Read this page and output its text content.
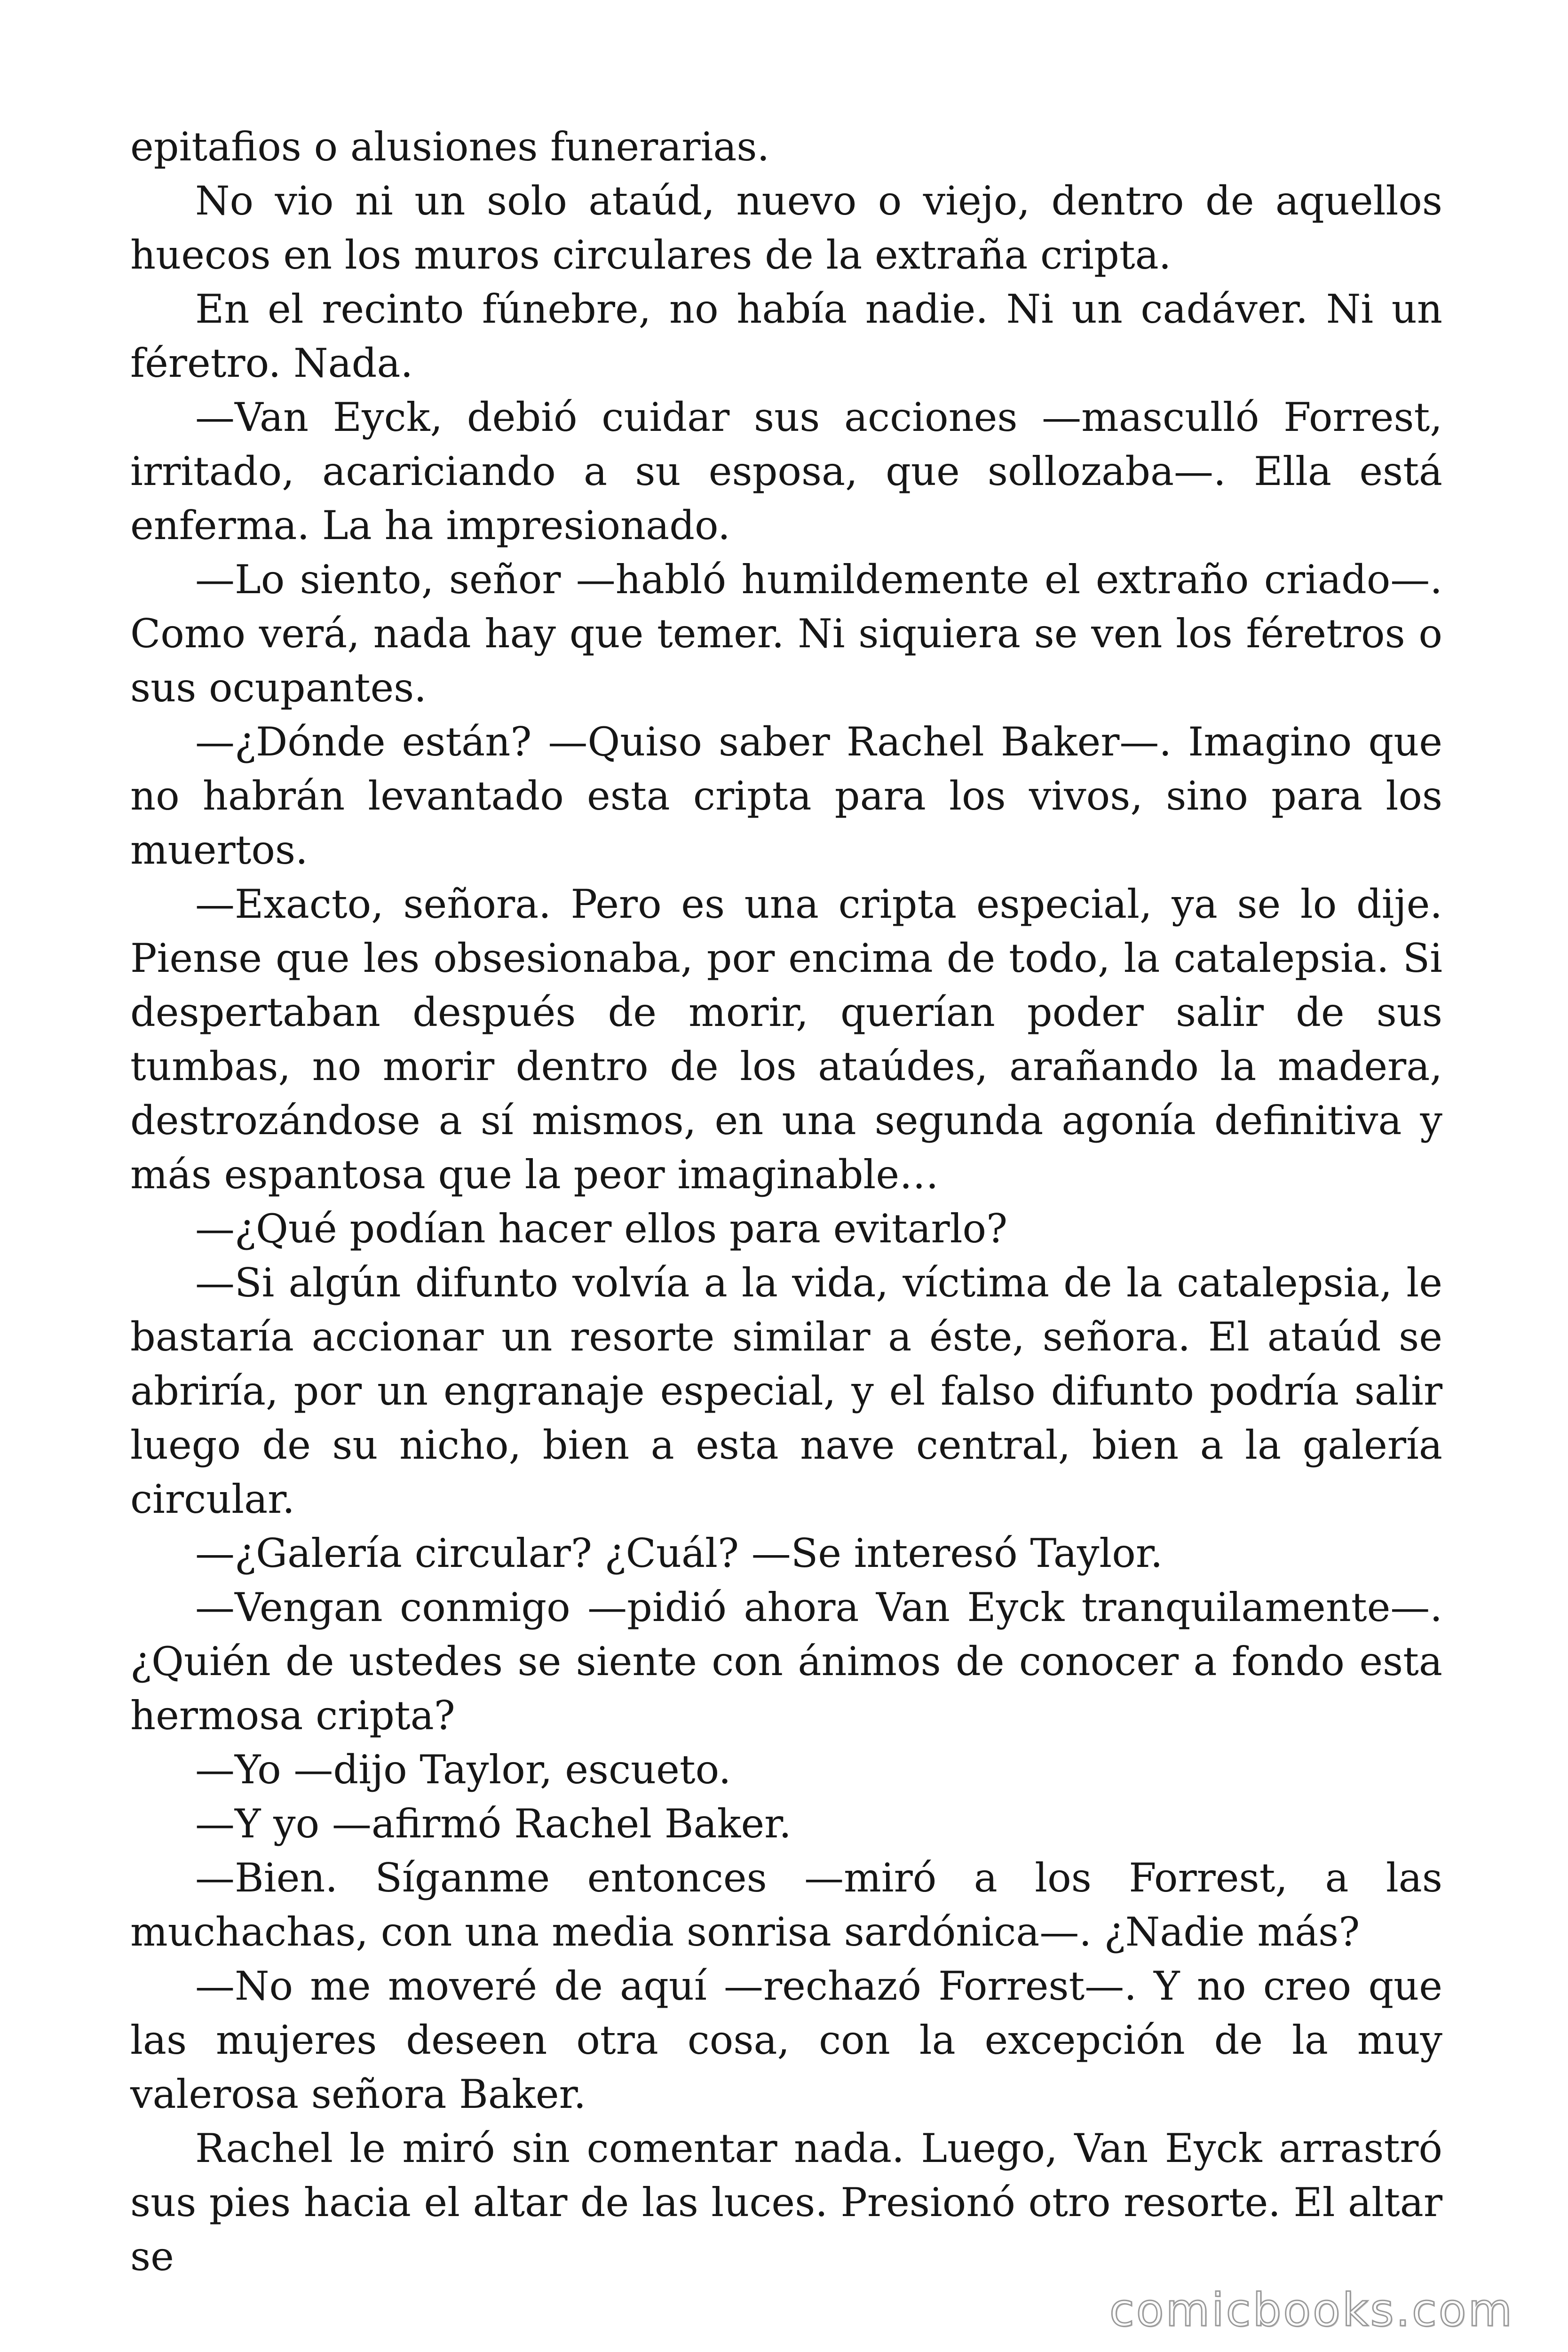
epitafios o alusiones funerarias.

No vio ni un solo ataúd, nuevo o viejo, dentro de aquellos huecos en los muros circulares de la extraña cripta.

En el recinto fúnebre, no había nadie. Ni un cadáver. Ni un féretro. Nada.

—Van Eyck, debió cuidar sus acciones —masculló Forrest, irritado, acariciando a su esposa, que sollozaba—. Ella está enferma. La ha impresionado.

—Lo siento, señor —habló humildemente el extraño criado—. Como verá, nada hay que temer. Ni siquiera se ven los féretros o sus ocupantes.

—¿Dónde están? —Quiso saber Rachel Baker—. Imagino que no habrán levantado esta cripta para los vivos, sino para los muertos.

—Exacto, señora. Pero es una cripta especial, ya se lo dije. Piense que les obsesionaba, por encima de todo, la catalepsia. Si despertaban después de morir, querían poder salir de sus tumbas, no morir dentro de los ataúdes, arañando la madera, destrozándose a sí mismos, en una segunda agonía definitiva y más espantosa que la peor imaginable…

—¿Qué podían hacer ellos para evitarlo?

—Si algún difunto volvía a la vida, víctima de la catalepsia, le bastaría accionar un resorte similar a éste, señora. El ataúd se abriría, por un engranaje especial, y el falso difunto podría salir luego de su nicho, bien a esta nave central, bien a la galería circular.

—¿Galería circular? ¿Cuál? —Se interesó Taylor.

—Vengan conmigo —pidió ahora Van Eyck tranquilamente—. ¿Quién de ustedes se siente con ánimos de conocer a fondo esta hermosa cripta?

—Yo —dijo Taylor, escueto.

—Y yo —afirmó Rachel Baker.

—Bien. Síganme entonces —miró a los Forrest, a las muchachas, con una media sonrisa sardónica—. ¿Nadie más?

—No me moveré de aquí —rechazó Forrest—. Y no creo que las mujeres deseen otra cosa, con la excepción de la muy valerosa señora Baker.

Rachel le miró sin comentar nada. Luego, Van Eyck arrastró sus pies hacia el altar de las luces. Presionó otro resorte. El altar se

comicbooks.com
